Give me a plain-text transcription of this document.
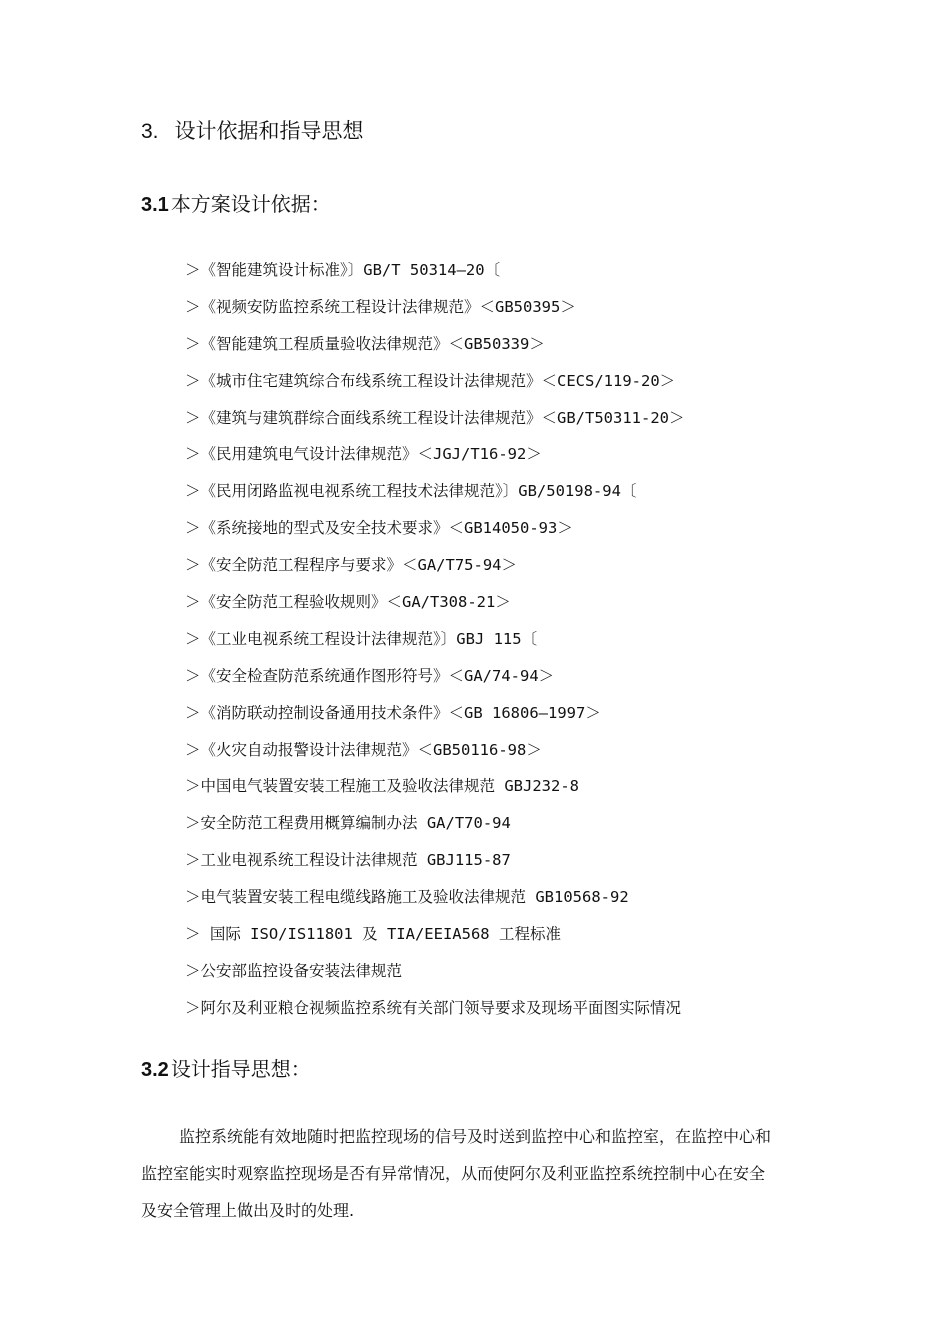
3. 设计依据和指导思想
3.1 本方案设计依据：
＞《智能建筑设计标准》〕GB/T 50314—20〔
＞《视频安防监控系统工程设计法律规范》＜GB50395＞
＞《智能建筑工程质量验收法律规范》＜GB50339＞
＞《城市住宅建筑综合布线系统工程设计法律规范》＜CECS/119-20＞
＞《建筑与建筑群综合面线系统工程设计法律规范》＜GB/T50311-20＞
＞《民用建筑电气设计法律规范》＜JGJ/T16-92＞
＞《民用闭路监视电视系统工程技术法律规范》〕GB/50198-94〔
＞《系统接地的型式及安全技术要求》＜GB14050-93＞
＞《安全防范工程程序与要求》＜GA/T75-94＞
＞《安全防范工程验收规则》＜GA/T308-21＞
＞《工业电视系统工程设计法律规范》〕GBJ 115〔
＞《安全检查防范系统通作图形符号》＜GA/74-94＞
＞《消防联动控制设备通用技术条件》＜GB 16806—1997＞
＞《火灾自动报警设计法律规范》＜GB50116-98＞
＞中国电气装置安装工程施工及验收法律规范 GBJ232-8
＞安全防范工程费用概算编制办法 GA/T70-94
＞工业电视系统工程设计法律规范 GBJ115-87
＞电气装置安装工程电缆线路施工及验收法律规范 GB10568-92
＞ 国际 ISO/IS11801 及 TIA/EEIA568 工程标准
＞公安部监控设备安装法律规范
＞阿尔及利亚粮仓视频监控系统有关部门领导要求及现场平面图实际情况
3.2 设计指导思想：

监控系统能有效地随时把监控现场的信号及时送到监控中心和监控室，在监控中心和
监控室能实时观察监控现场是否有异常情况，从而使阿尔及利亚监控系统控制中心在安全
及安全管理上做出及时的处理.
